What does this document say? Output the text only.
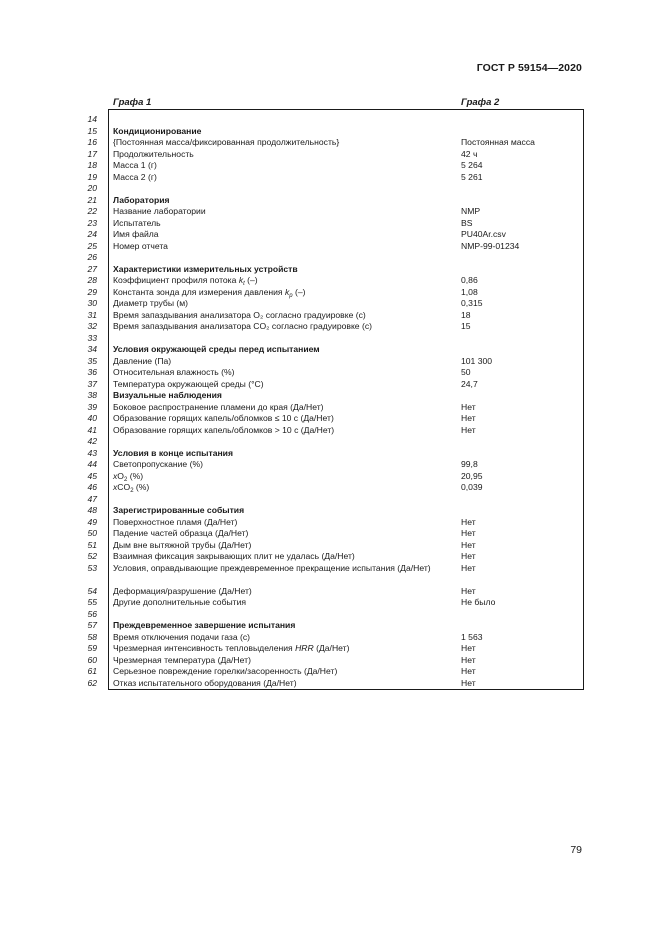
ГОСТ Р 59154—2020
Графа 1	Графа 2
14
15 Кондиционирование
16 {Постоянная масса/фиксированная продолжительность}	Постоянная масса
17 Продолжительность	42 ч
18 Масса 1 (г)	5 264
19 Масса 2 (г)	5 261
20
21 Лаборатория
22 Название лаборатории	NMP
23 Испытатель	BS
24 Имя файла	PU40Ar.csv
25 Номер отчета	NMP-99-01234
26
27 Характеристики измерительных устройств
28 Коэффициент профиля потока $k_t$ (–)	0,86
29 Константа зонда для измерения давления $k_p$ (–)	1,08
30 Диаметр трубы (м)	0,315
31 Время запаздывания анализатора O₂ согласно градуировке (с)	18
32 Время запаздывания анализатора CO₂ согласно градуировке (с)	15
33
34 Условия окружающей среды перед испытанием
35 Давление (Па)	101 300
36 Относительная влажность (%)	50
37 Температура окружающей среды (°С)	24,7
38 Визуальные наблюдения
39 Боковое распространение пламени до края (Да/Нет)	Нет
40 Образование горящих капель/обломков ≤ 10 с (Да/Нет)	Нет
41 Образование горящих капель/обломков > 10 с (Да/Нет)	Нет
42
43 Условия в конце испытания
44 Светопропускание (%)	99,8
45 $xO_2$ (%)	20,95
46 xCO$_2$ (%)	0,039
47
48 Зарегистрированные события
49 Поверхностное пламя (Да/Нет)	Нет
50 Падение частей образца (Да/Нет)	Нет
51 Дым вне вытяжной трубы (Да/Нет)	Нет
52 Взаимная фиксация закрывающих плит не удалась (Да/Нет)	Нет
53 Условия, оправдывающие преждевременное прекращение испытания (Да/Нет)	Нет
54 Деформация/разрушение (Да/Нет)	Нет
55 Другие дополнительные события	Не было
56
57 Преждевременное завершение испытания
58 Время отключения подачи газа (с)	1 563
59 Чрезмерная интенсивность тепловыделения HRR (Да/Нет)	Нет
60 Чрезмерная температура (Да/Нет)	Нет
61 Серьезное повреждение горелки/засоренность (Да/Нет)	Нет
62 Отказ испытательного оборудования (Да/Нет)	Нет
79
